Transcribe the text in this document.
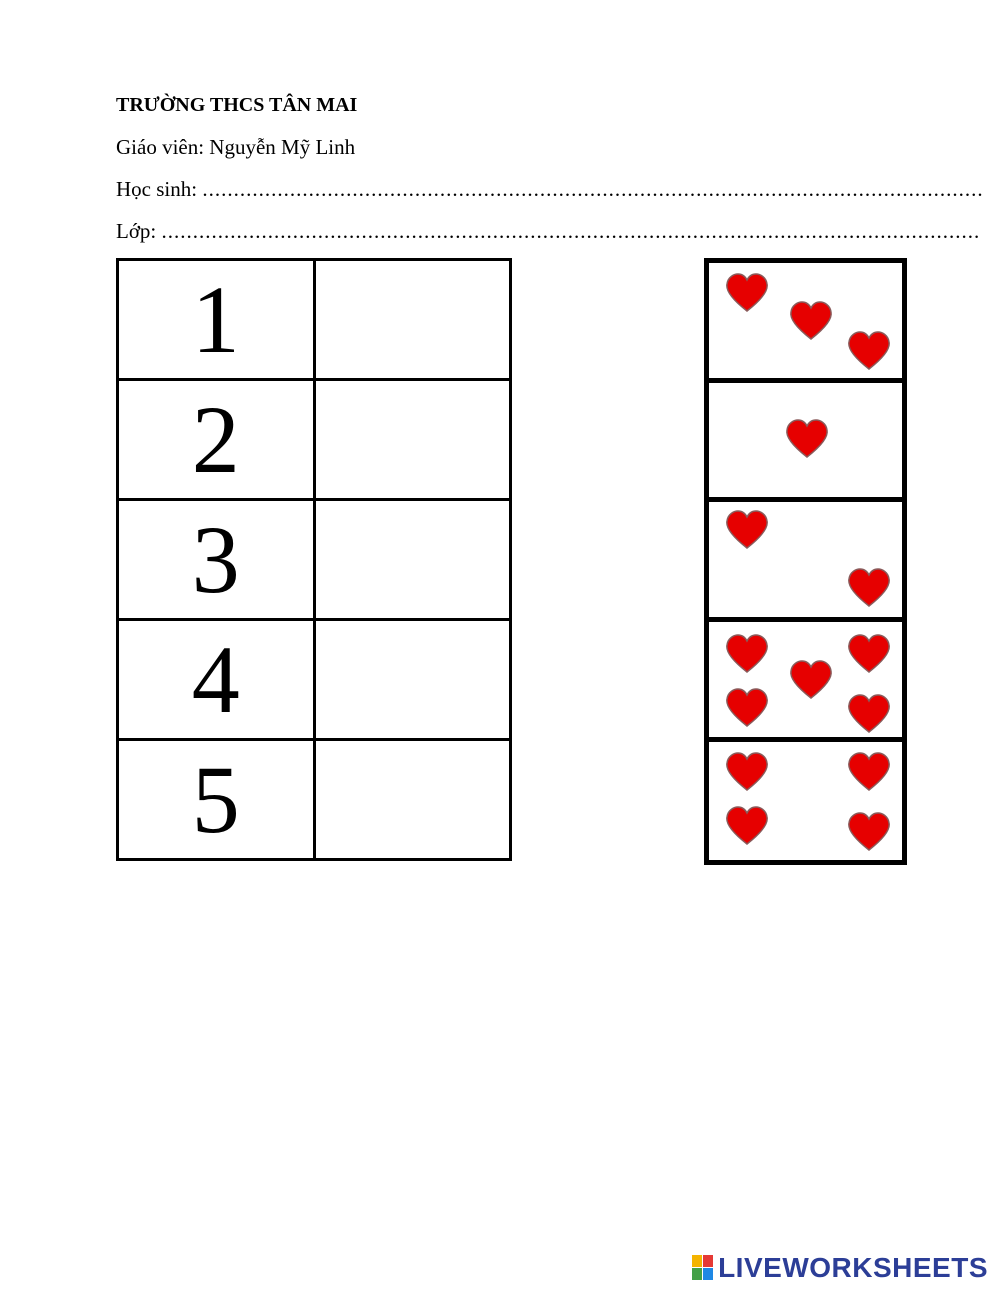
TRƯỜNG THCS TÂN MAI
Giáo viên: Nguyễn Mỹ Linh
Học sinh: .............................................................................................................................
Lớp: ...................................................................................................................................
1	
2	
3	
4	
5	
LIVEWORKSHEETS
